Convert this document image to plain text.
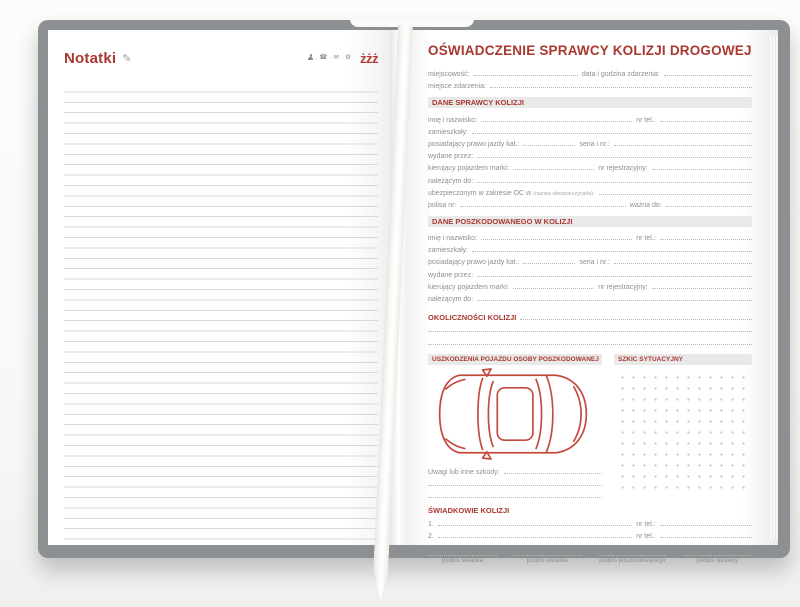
Notatki ✎ ·	☎ · ✉ · ⚙ żżż
OŚWIADCZENIE SPRAWCY KOLIZJI DROGOWEJ
miejscowość:	data i godzina zdarzenia:
miejsce zdarzenia:
DANE SPRAWCY KOLIZJI
imię i nazwisko:	nr tel.:
zamieszkały:
posiadający prawo jazdy kat.:	seria i nr.:
wydane przez:
kierujący pojazdem marki:	nr rejestracyjny:
należącym do:
ubezpieczonym w zakresie OC w (nazwa ubezpieczyciela):
polisa nr:	ważna do:
DANE POSZKODOWANEGO W KOLIZJI
imię i nazwisko:	nr tel.:
zamieszkały:
posiadający prawo jazdy kat.:	seria i nr.:
wydane przez:
kierujący pojazdem marki:	nr rejestracyjny:
należącym do:
OKOLICZNOŚCI KOLIZJI
USZKODZENIA POJAZDU OSOBY POSZKODOWANEJ
Uwagi lub inne szkody:
SZKIC SYTUACYJNY
ŚWIADKOWIE KOLIZJI
1.	nr tel.:
2.	nr tel.:
podpis świadka	podpis świadka	podpis poszkodowanego	podpis sprawcy
